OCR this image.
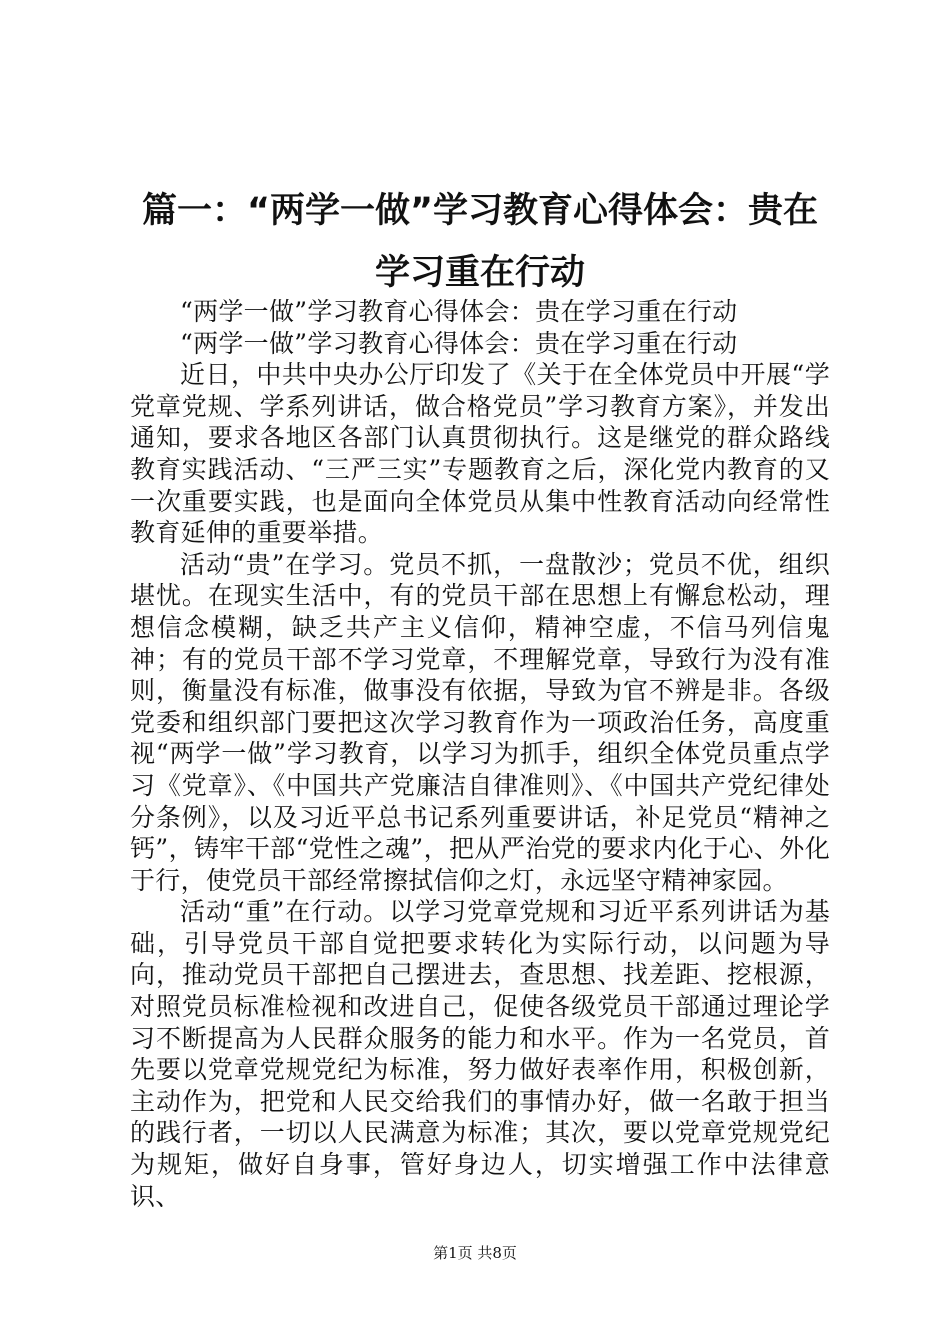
篇一：“两学一做”学习教育心得体会：贵在学习重在行动

“两学一做”学习教育心得体会：贵在学习重在行动

“两学一做”学习教育心得体会：贵在学习重在行动

近日，中共中央办公厅印发了《关于在全体党员中开展“学党章党规、学系列讲话，做合格党员”学习教育方案》，并发出通知，要求各地区各部门认真贯彻执行。这是继党的群众路线教育实践活动、“三严三实”专题教育之后，深化党内教育的又一次重要实践，也是面向全体党员从集中性教育活动向经常性教育延伸的重要举措。

活动“贵”在学习。党员不抓，一盘散沙；党员不优，组织堪忧。在现实生活中，有的党员干部在思想上有懈怠松动，理想信念模糊，缺乏共产主义信仰，精神空虚，不信马列信鬼神；有的党员干部不学习党章，不理解党章，导致行为没有准则，衡量没有标准，做事没有依据，导致为官不辨是非。各级党委和组织部门要把这次学习教育作为一项政治任务，高度重视“两学一做”学习教育，以学习为抓手，组织全体党员重点学习《党章》、《中国共产党廉洁自律准则》、《中国共产党纪律处分条例》，以及习近平总书记系列重要讲话，补足党员“精神之钙”，铸牢干部“党性之魂”，把从严治党的要求内化于心、外化于行，使党员干部经常擦拭信仰之灯，永远坚守精神家园。

活动“重”在行动。以学习党章党规和习近平系列讲话为基础，引导党员干部自觉把要求转化为实际行动，以问题为导向，推动党员干部把自己摆进去，查思想、找差距、挖根源，对照党员标准检视和改进自己，促使各级党员干部通过理论学习不断提高为人民群众服务的能力和水平。作为一名党员，首先要以党章党规党纪为标准，努力做好表率作用，积极创新，主动作为，把党和人民交给我们的事情办好，做一名敢于担当的践行者，一切以人民满意为标准；其次，要以党章党规党纪为规矩，做好自身事，管好身边人，切实增强工作中法律意识、

第1页 共8页
